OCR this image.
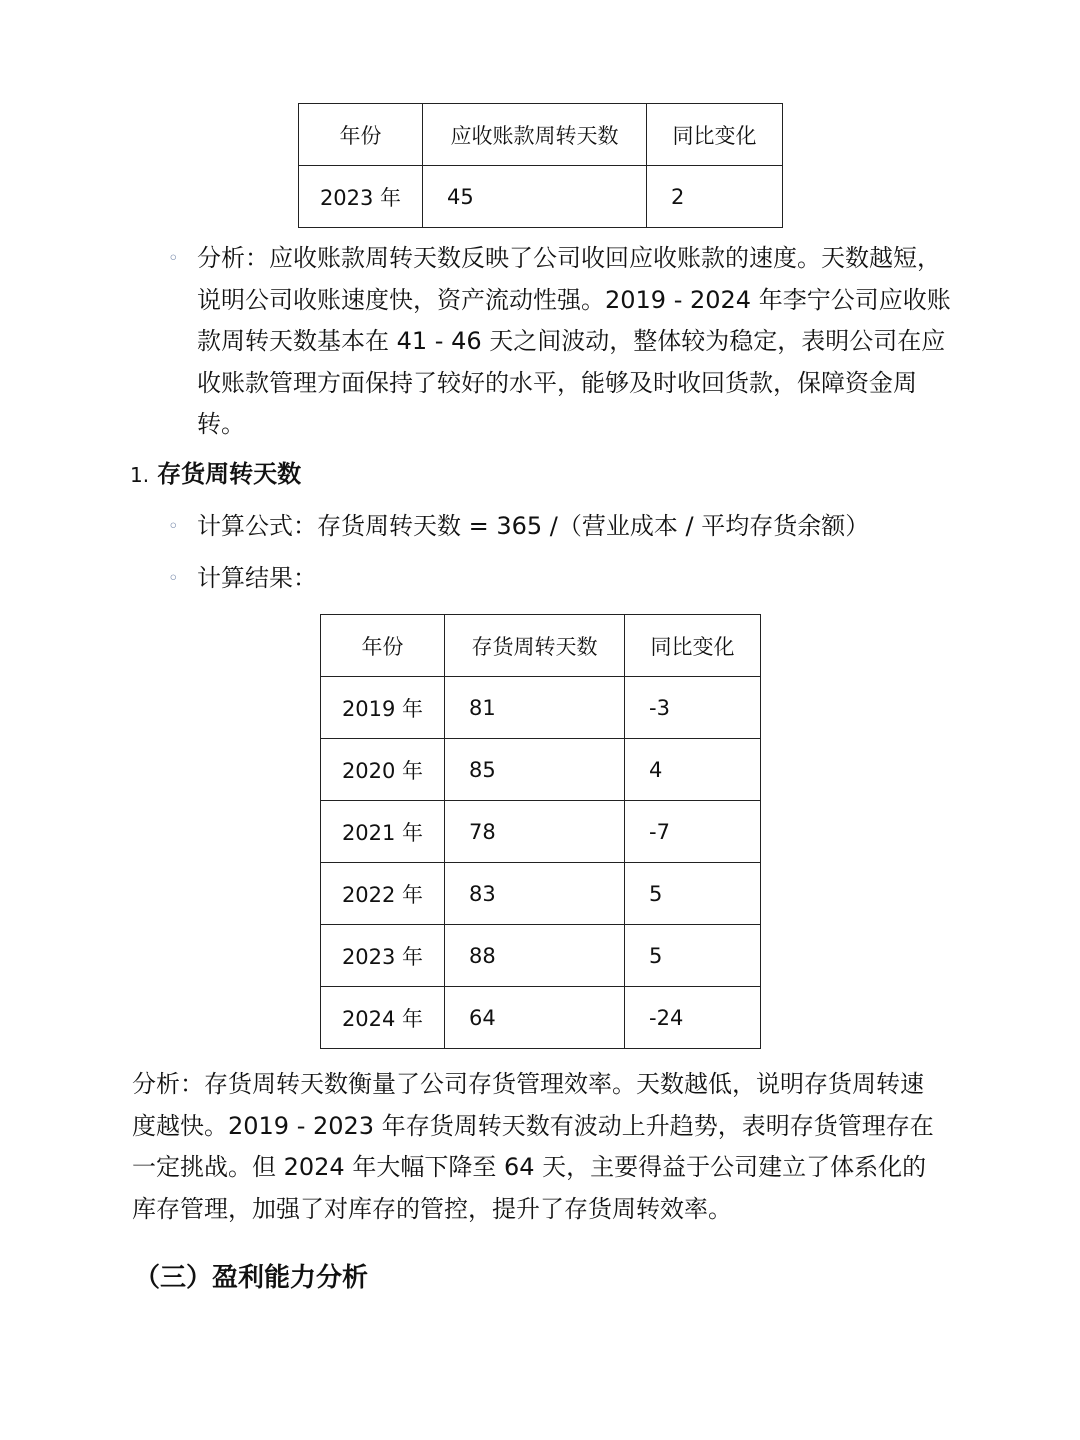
年份	应收账款周转天数	同比变化
2023 年	45	2
◦ 分析：应收账款周转天数反映了公司收回应收账款的速度。天数越短，说明公司收账速度快，资产流动性强。2019 - 2024 年李宁公司应收账款周转天数基本在 41 - 46 天之间波动，整体较为稳定，表明公司在应收账款管理方面保持了较好的水平，能够及时收回货款，保障资金周转。
1. 存货周转天数
◦ 计算公式：存货周转天数 = 365 /（营业成本 / 平均存货余额）
◦ 计算结果：
年份	存货周转天数	同比变化
2019 年	81	-3
2020 年	85	4
2021 年	78	-7
2022 年	83	5
2023 年	88	5
2024 年	64	-24
分析：存货周转天数衡量了公司存货管理效率。天数越低，说明存货周转速度越快。2019 - 2023 年存货周转天数有波动上升趋势，表明存货管理存在一定挑战。但 2024 年大幅下降至 64 天，主要得益于公司建立了体系化的库存管理，加强了对库存的管控，提升了存货周转效率。
（三）盈利能力分析
